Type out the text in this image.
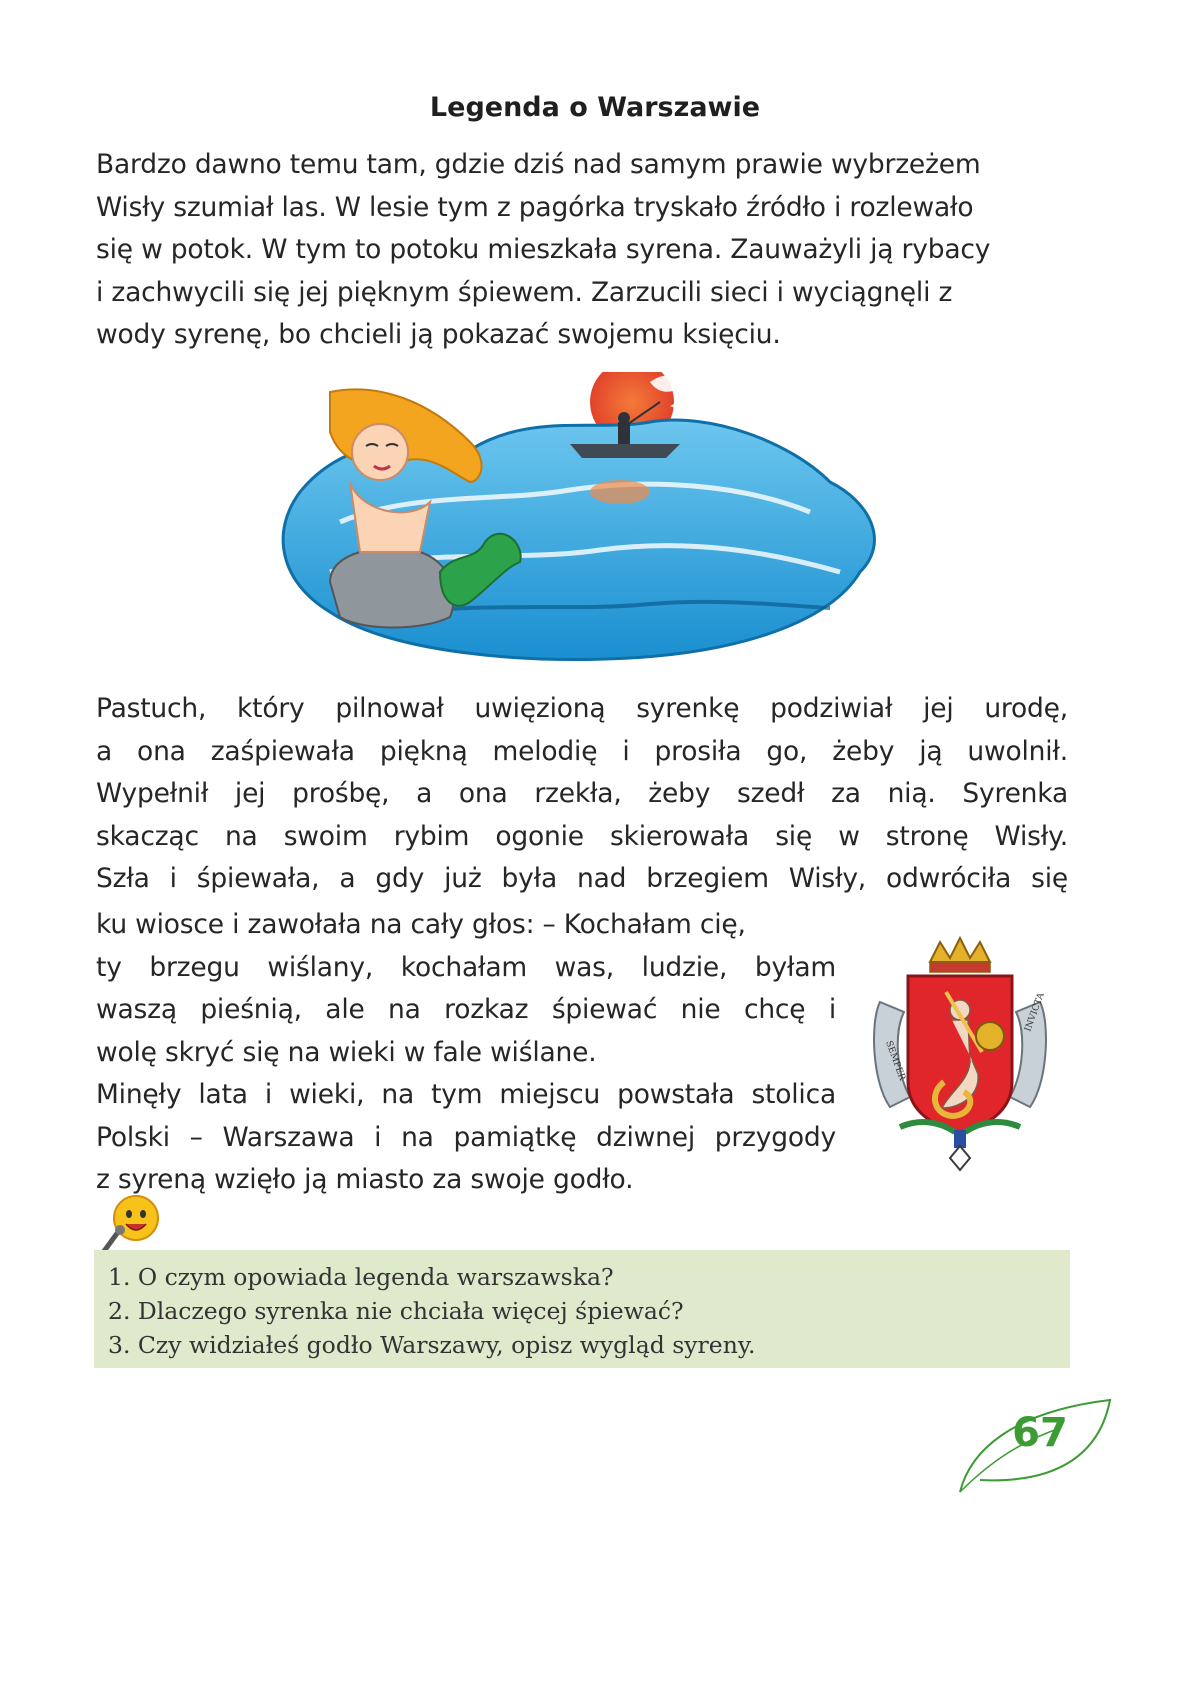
Legenda o Warszawie
Bardzo dawno temu tam, gdzie dziś nad samym prawie wybrzeżem
Wisły szumiał las. W lesie tym z pagórka tryskało źródło i rozlewało
się w potok. W tym to potoku mieszkała syrena. Zauważyli ją rybacy
i zachwycili się jej pięknym śpiewem. Zarzucili sieci i wyciągnęli z
wody syrenę, bo chcieli ją pokazać swojemu księciu.
Pastuch, który pilnował uwięzioną syrenkę podziwiał jej urodę,
a ona zaśpiewała piękną melodię i prosiła go, żeby ją uwolnił.
Wypełnił jej prośbę, a ona rzekła, żeby szedł za nią. Syrenka
skacząc na swoim rybim ogonie skierowała się w stronę Wisły.
Szła i śpiewała, a gdy już była nad brzegiem Wisły, odwróciła się
ku wiosce i zawołała na cały głos: – Kochałam cię,
ty brzegu wiślany, kochałam was, ludzie, byłam
waszą pieśnią, ale na rozkaz śpiewać nie chcę i
wolę skryć się na wieki w fale wiślane.
Minęły lata i wieki, na tym miejscu powstała stolica
Polski – Warszawa i na pamiątkę dziwnej przygody
z syreną wzięło ją miasto za swoje godło.
SEMPER
INVICTA
1. O czym opowiada legenda warszawska?
2. Dlaczego syrenka nie chciała więcej śpiewać?
3. Czy widziałeś godło Warszawy, opisz wygląd syreny.
67
